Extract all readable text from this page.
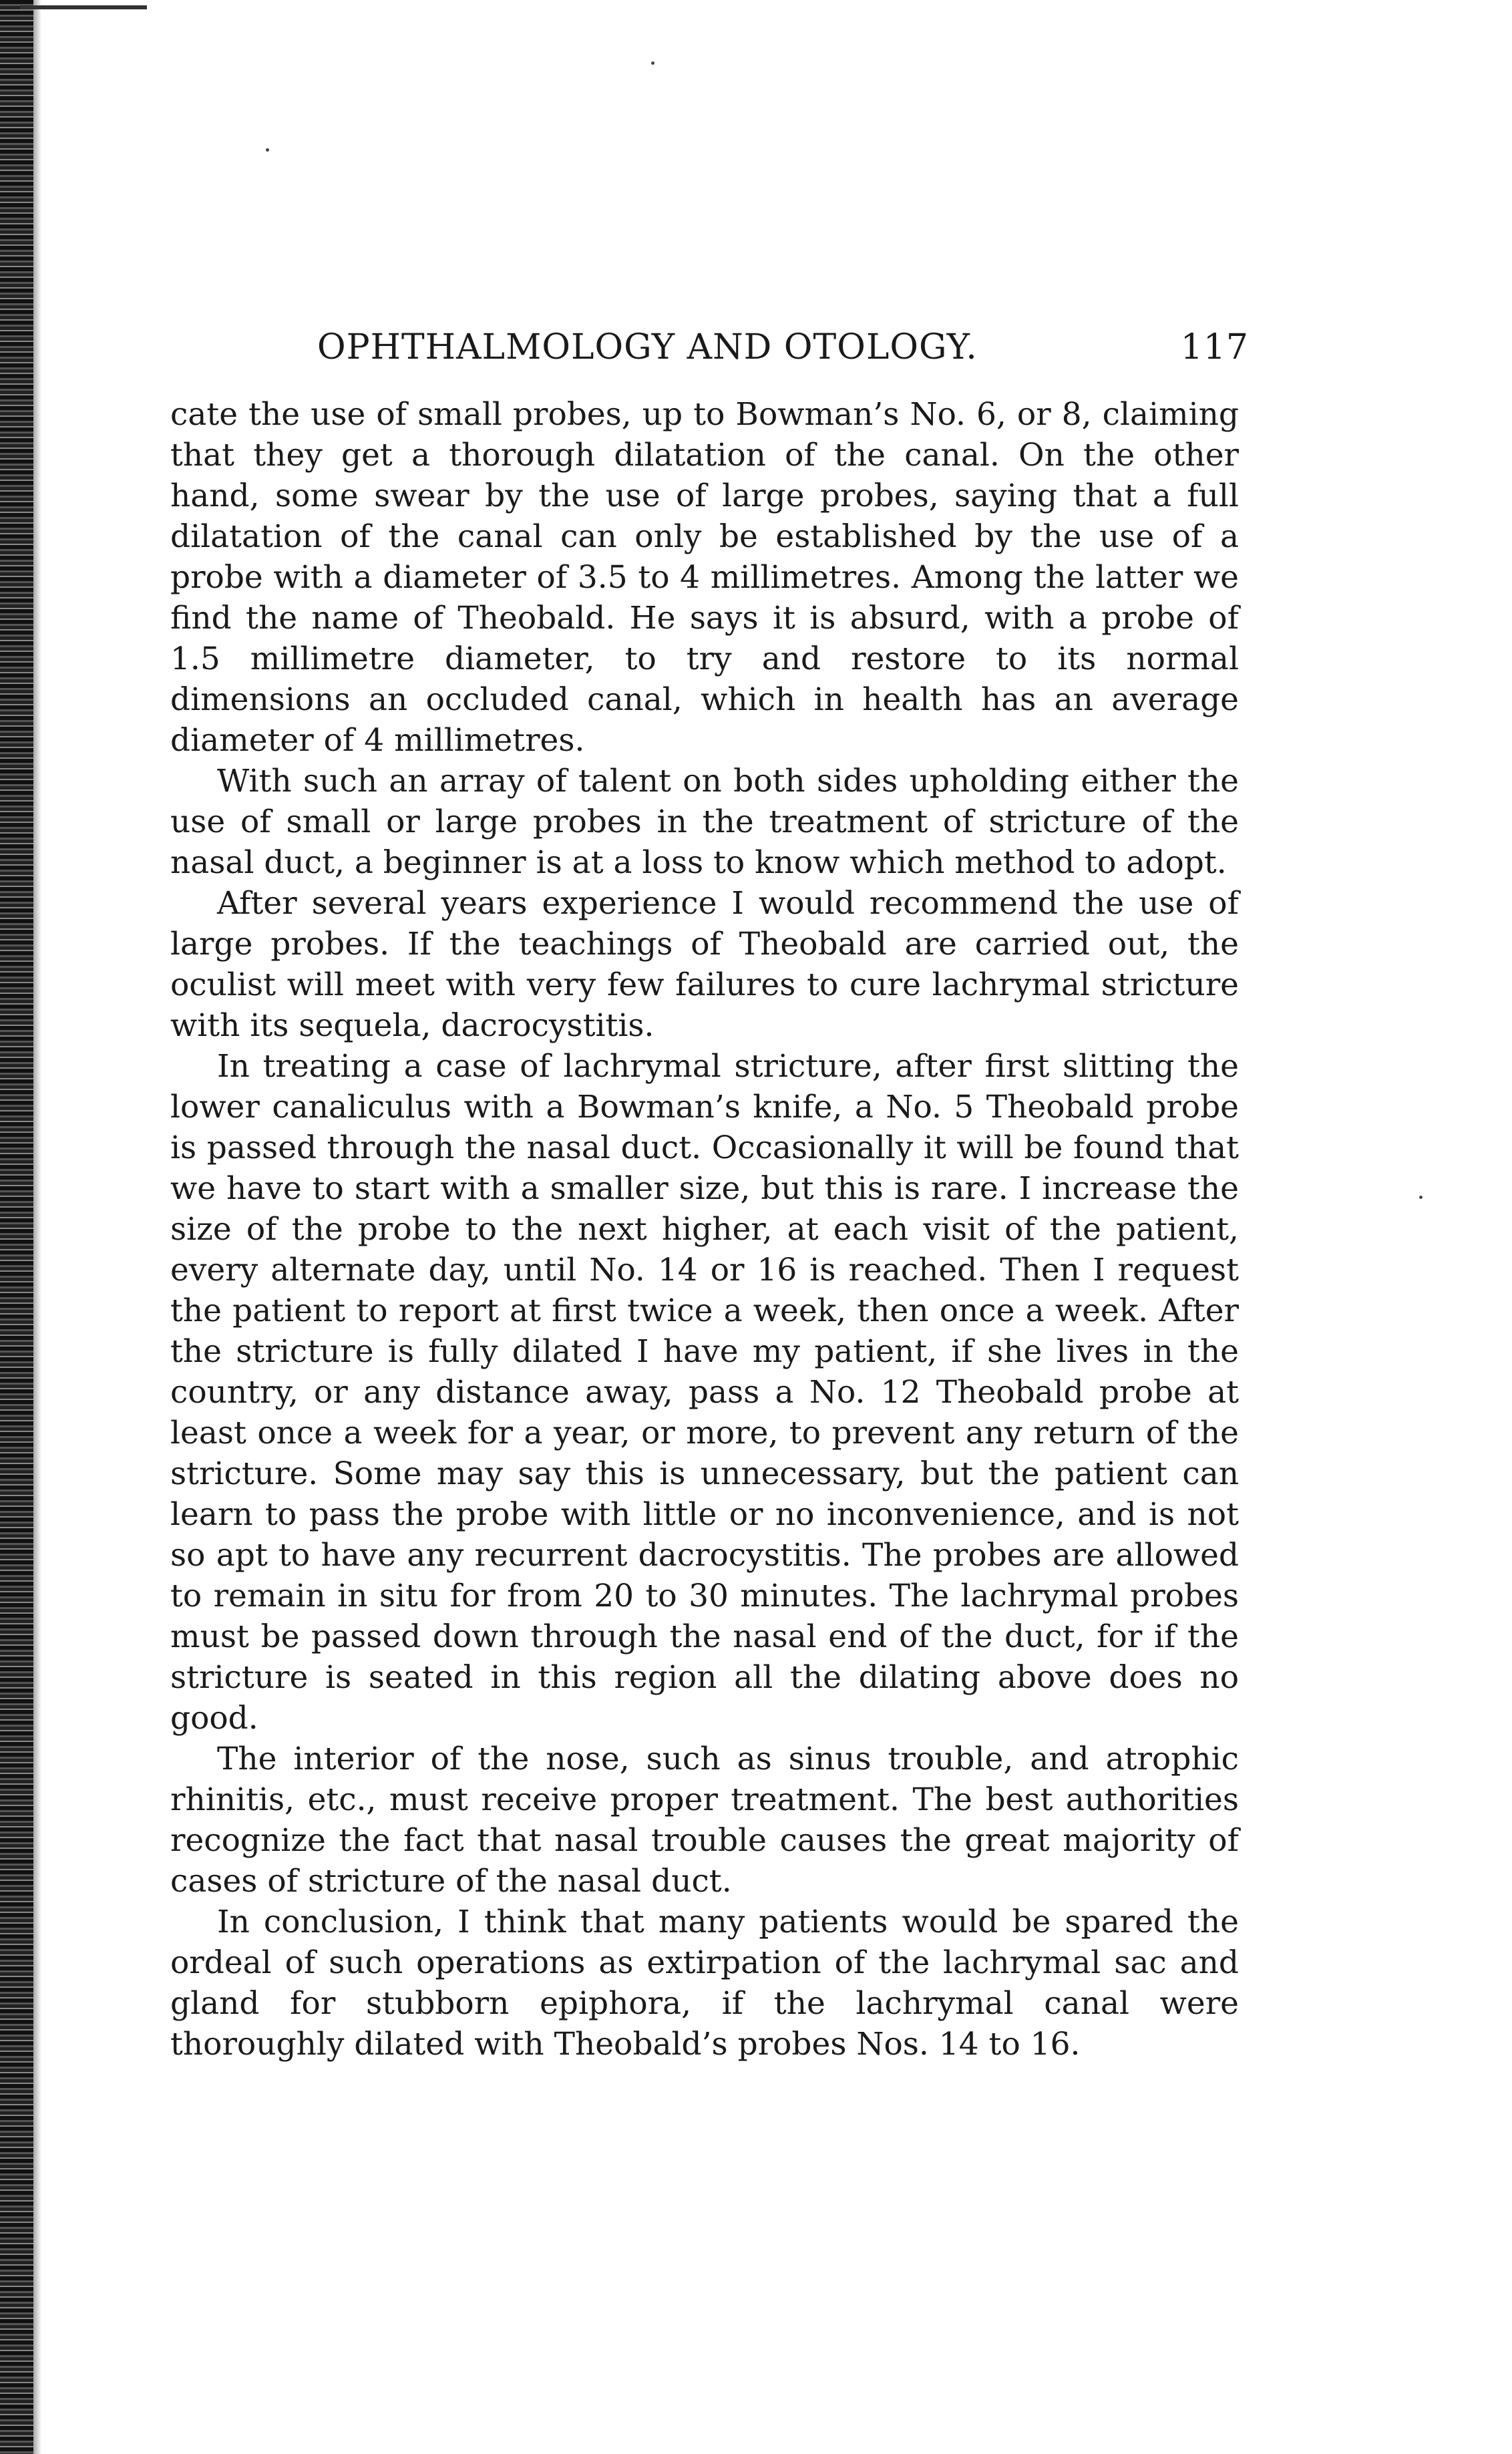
OPHTHALMOLOGY AND OTOLOGY.	117

cate the use of small probes, up to Bowman’s No. 6, or 8, claiming that they get a thorough dilatation of the canal. On the other hand, some swear by the use of large probes, saying that a full dilatation of the canal can only be established by the use of a probe with a diameter of 3.5 to 4 millimetres. Among the latter we find the name of Theobald. He says it is absurd, with a probe of 1.5 millimetre diameter, to try and restore to its normal dimensions an occluded canal, which in health has an average diameter of 4 millimetres.

With such an array of talent on both sides upholding either the use of small or large probes in the treatment of stricture of the nasal duct, a beginner is at a loss to know which method to adopt.

After several years experience I would recommend the use of large probes. If the teachings of Theobald are carried out, the oculist will meet with very few failures to cure lachrymal stricture with its sequela, dacrocystitis.

In treating a case of lachrymal stricture, after first slitting the lower canaliculus with a Bowman’s knife, a No. 5 Theobald probe is passed through the nasal duct. Occasionally it will be found that we have to start with a smaller size, but this is rare. I increase the size of the probe to the next higher, at each visit of the patient, every alternate day, until No. 14 or 16 is reached. Then I request the patient to report at first twice a week, then once a week. After the stricture is fully dilated I have my patient, if she lives in the country, or any distance away, pass a No. 12 Theobald probe at least once a week for a year, or more, to prevent any return of the stricture. Some may say this is unnecessary, but the patient can learn to pass the probe with little or no inconvenience, and is not so apt to have any recurrent dacrocystitis. The probes are allowed to remain in situ for from 20 to 30 minutes. The lachrymal probes must be passed down through the nasal end of the duct, for if the stricture is seated in this region all the dilating above does no good.

The interior of the nose, such as sinus trouble, and atrophic rhinitis, etc., must receive proper treatment. The best authorities recognize the fact that nasal trouble causes the great majority of cases of stricture of the nasal duct.

In conclusion, I think that many patients would be spared the ordeal of such operations as extirpation of the lachrymal sac and gland for stubborn epiphora, if the lachrymal canal were thoroughly dilated with Theobald’s probes Nos. 14 to 16.
